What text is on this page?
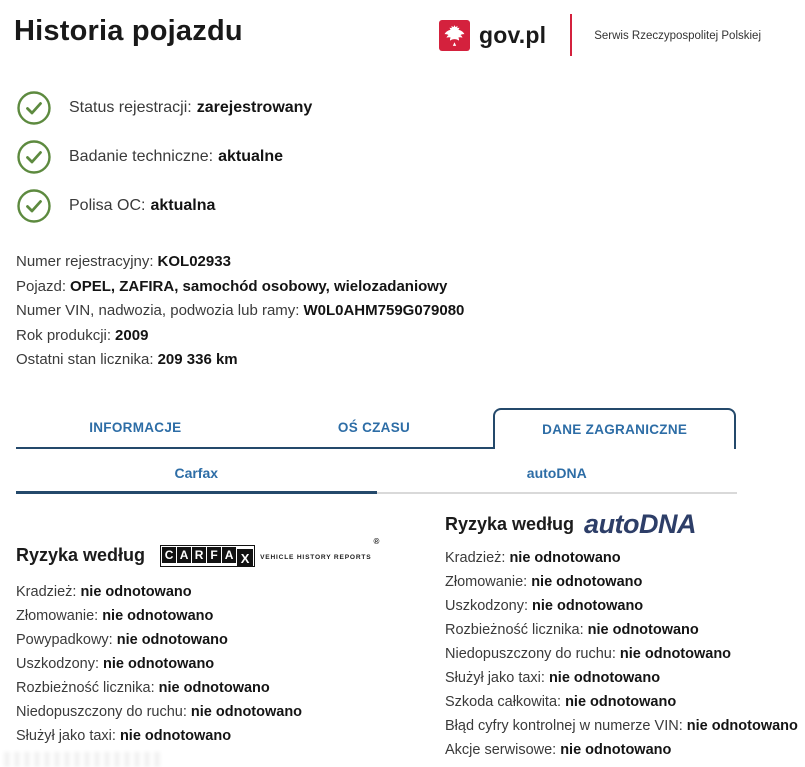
Historia pojazdu	gov.pl	Serwis Rzeczypospolitej Polskiej
Status rejestracji: zarejestrowany
Badanie techniczne: aktualne
Polisa OC: aktualna
Numer rejestracyjny: KOL02933
Pojazd: OPEL, ZAFIRA, samochód osobowy, wielozadaniowy
Numer VIN, nadwozia, podwozia lub ramy: W0L0AHM759G079080
Rok produkcji: 2009
Ostatni stan licznika: 209 336 km
INFORMACJE	OŚ CZASU	DANE ZAGRANICZNE
Carfax	autoDNA
Ryzyka według C A R F A X

®
VEHICLE HISTORY REPORTS
Kradzież: nie odnotowano
Złomowanie: nie odnotowano
Powypadkowy: nie odnotowano
Uszkodzony: nie odnotowano
Rozbieżność licznika: nie odnotowano
Niedopuszczony do ruchu: nie odnotowano
Służył jako taxi: nie odnotowano
Ryzyka według autoDNA
Kradzież: nie odnotowano
Złomowanie: nie odnotowano
Uszkodzony: nie odnotowano
Rozbieżność licznika: nie odnotowano
Niedopuszczony do ruchu: nie odnotowano
Służył jako taxi: nie odnotowano
Szkoda całkowita: nie odnotowano
Błąd cyfry kontrolnej w numerze VIN: nie odnotowano
Akcje serwisowe: nie odnotowano
